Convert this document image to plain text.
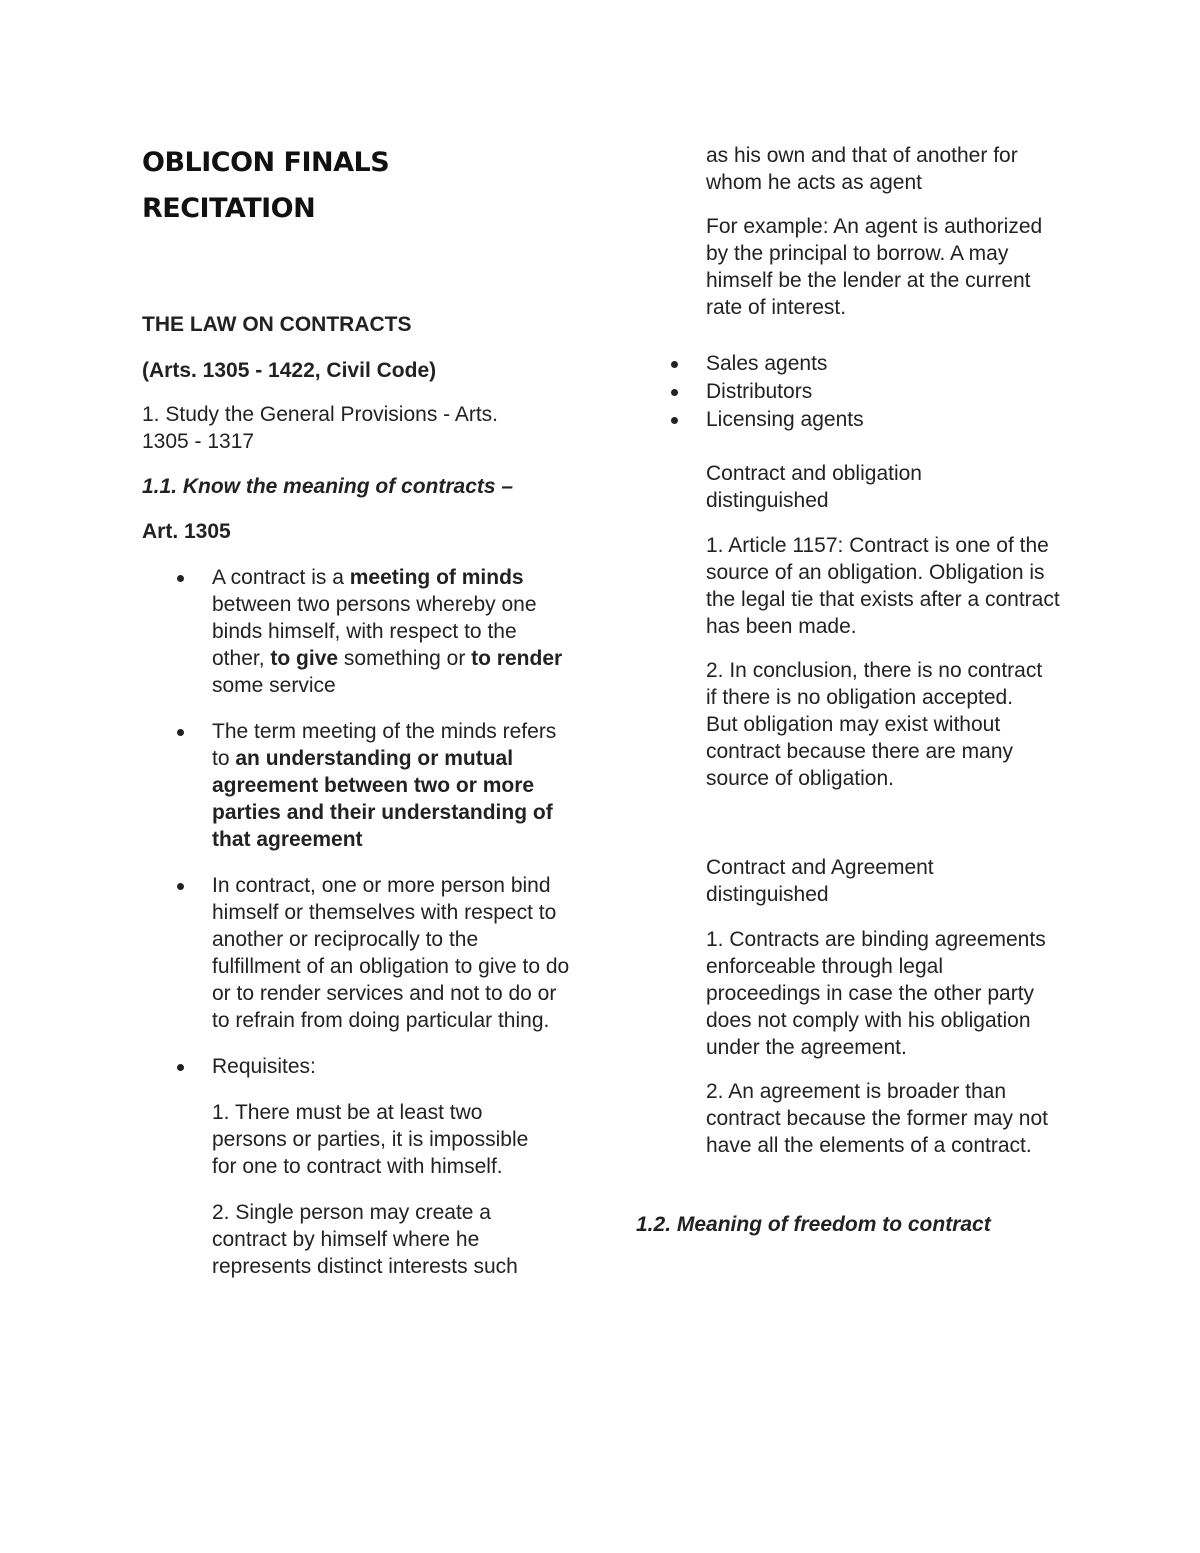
OBLICON FINALS
RECITATION

THE LAW ON CONTRACTS

(Arts. 1305 - 1422, Civil Code)

1. Study the General Provisions - Arts.
1305 - 1317

1.1. Know the meaning of contracts –

Art. 1305

A contract is a meeting of minds between two persons whereby one binds himself, with respect to the other, to give something or to render some service
The term meeting of the minds refers to an understanding or mutual agreement between two or more parties and their understanding of that agreement
In contract, one or more person bind himself or themselves with respect to another or reciprocally to the fulfillment of an obligation to give to do or to render services and not to do or to refrain from doing particular thing.
Requisites:

1. There must be at least two persons or parties, it is impossible for one to contract with himself.

2. Single person may create a contract by himself where he represents distinct interests such

as his own and that of another for whom he acts as agent

For example: An agent is authorized by the principal to borrow. A may himself be the lender at the current rate of interest.

Sales agents
Distributors
Licensing agents

Contract and obligation distinguished

1. Article 1157: Contract is one of the source of an obligation. Obligation is the legal tie that exists after a contract has been made.

2. In conclusion, there is no contract if there is no obligation accepted. But obligation may exist without contract because there are many source of obligation.

Contract and Agreement distinguished

1. Contracts are binding agreements enforceable through legal proceedings in case the other party does not comply with his obligation under the agreement.

2. An agreement is broader than contract because the former may not have all the elements of a contract.

1.2. Meaning of freedom to contract
